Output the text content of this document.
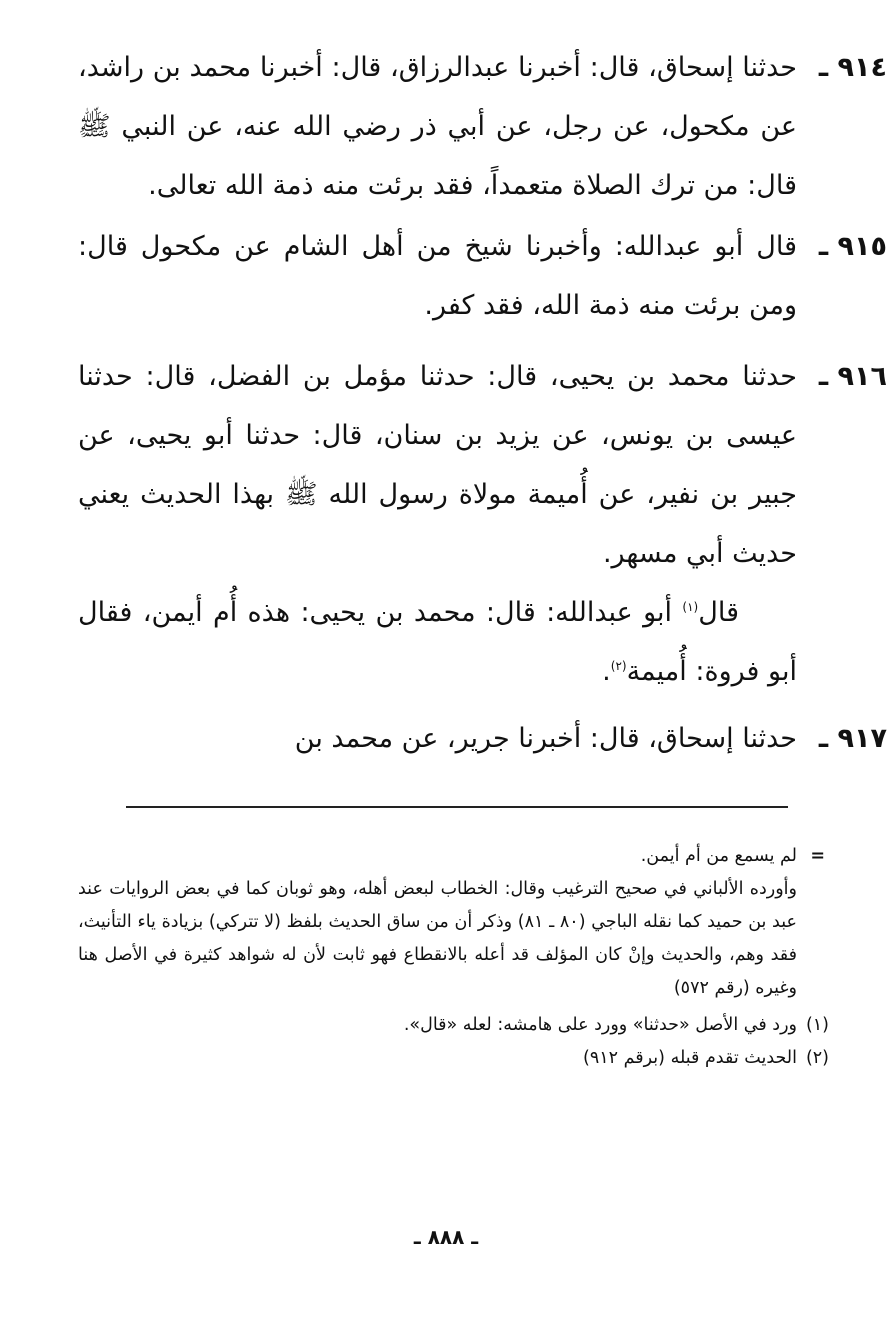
٩١٤ ـ
حدثنا إسحاق، قال: أخبرنا عبدالرزاق، قال: أخبرنا محمد بن راشد، عن مكحول، عن رجل، عن أبي ذر رضي الله عنه، عن النبي ﷺ قال: من ترك الصلاة متعمداً، فقد برئت منه ذمة الله تعالى.
٩١٥ ـ
قال أبو عبدالله: وأخبرنا شيخ من أهل الشام عن مكحول قال: ومن برئت منه ذمة الله، فقد كفر.
٩١٦ ـ
حدثنا محمد بن يحيى، قال: حدثنا مؤمل بن الفضل، قال: حدثنا عيسى بن يونس، عن يزيد بن سنان، قال: حدثنا أبو يحيى، عن جبير بن نفير، عن أُميمة مولاة رسول الله ﷺ بهذا الحديث يعني حديث أبي مسهر.
قال$^{(١)}$ أبو عبدالله: قال: محمد بن يحيى: هذه أُم أيمن، فقال أبو فروة: أُميمة$^{(٢)}$.
٩١٧ ـ
حدثنا إسحاق، قال: أخبرنا جرير، عن محمد بن
=
لم يسمع من أم أيمن.
وأورده الألباني في صحيح الترغيب وقال: الخطاب لبعض أهله، وهو ثوبان كما في بعض الروايات عند عبد بن حميد كما نقله الباجي (٨٠ ـ ٨١) وذكر أن من ساق الحديث بلفظ (لا تتركي) بزيادة ياء التأنيث، فقد وهم، والحديث وإنْ كان المؤلف قد أعله بالانقطاع فهو ثابت لأن له شواهد كثيرة في الأصل هنا وغيره (رقم ٥٧٢)
(١)
ورد في الأصل «حدثنا» وورد على هامشه: لعله «قال».
(٢)
الحديث تقدم قبله (برقم ٩١٢)
ـ ٨٨٨ ـ
